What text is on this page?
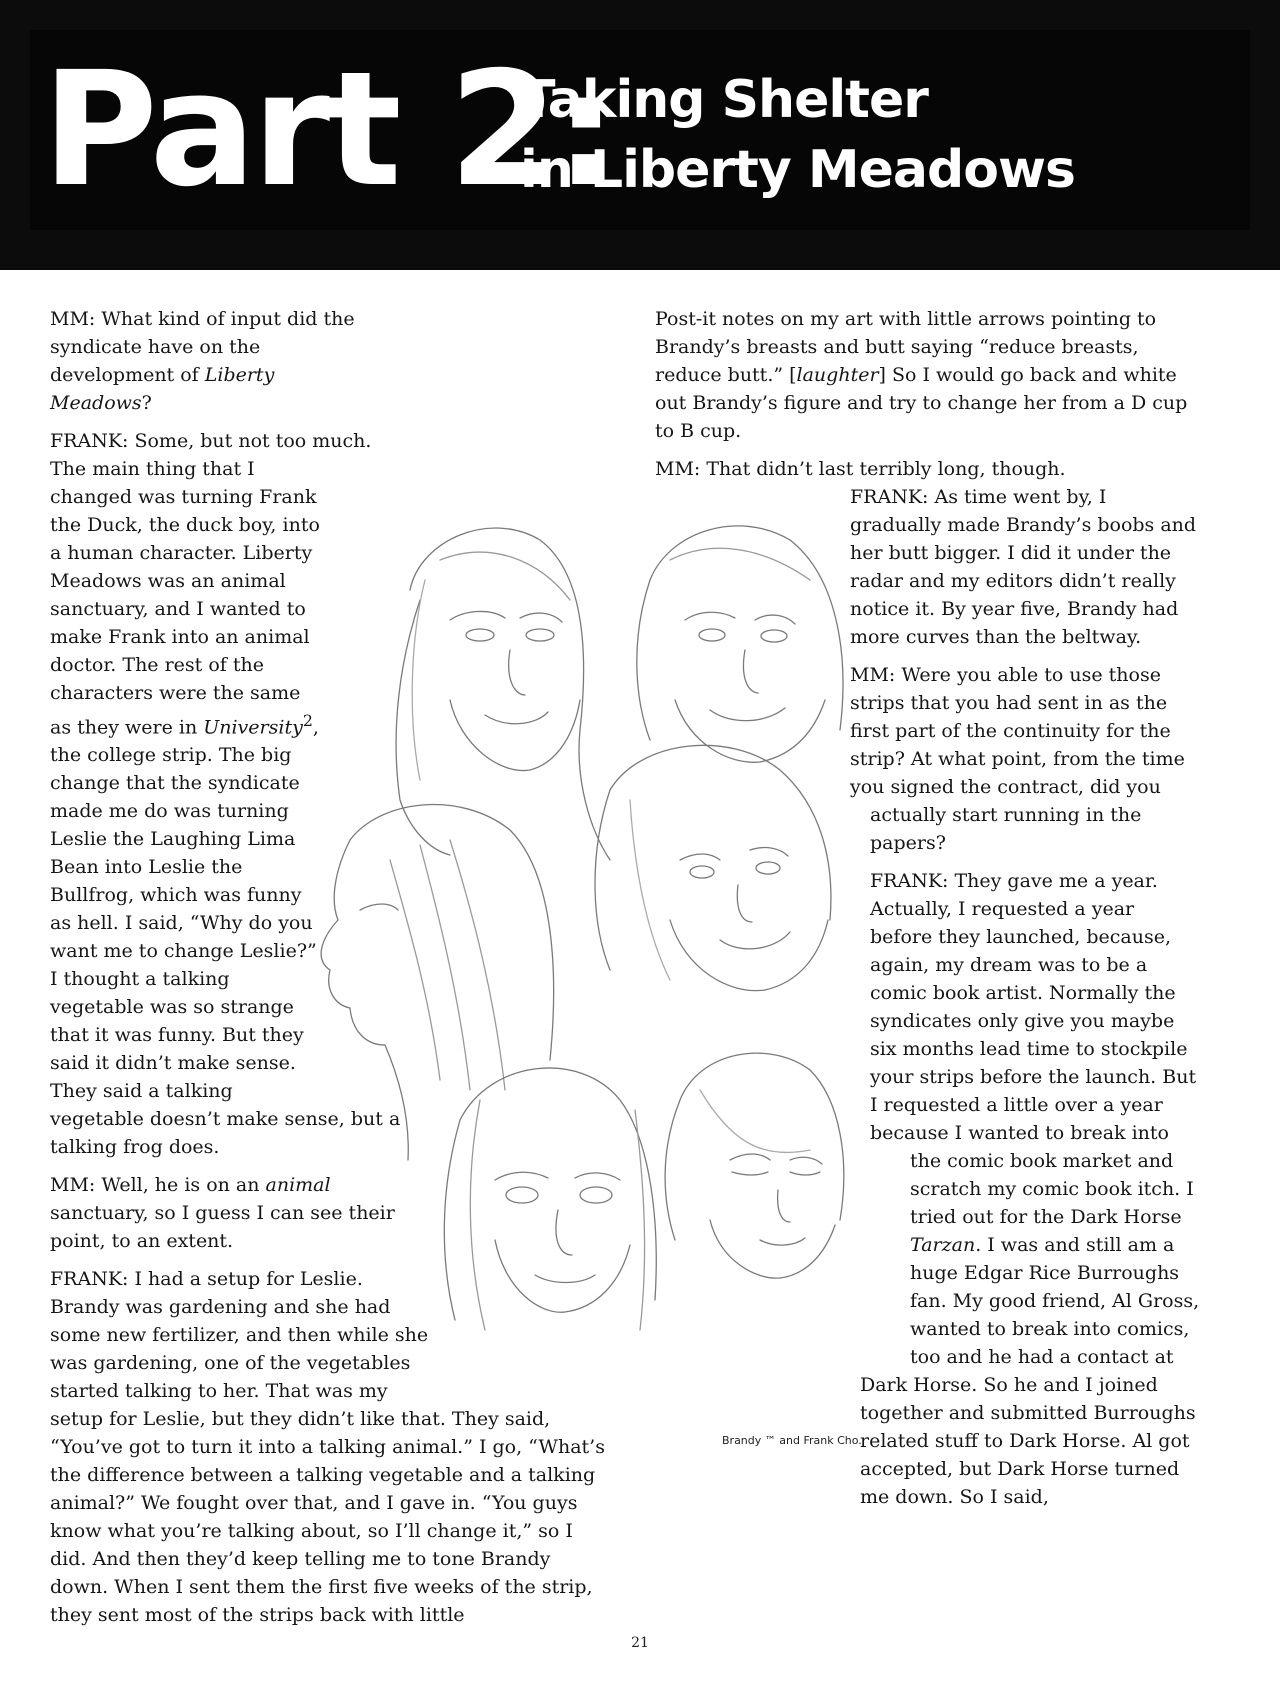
Part 2:
Taking Shelter
in Liberty Meadows

MM: What kind of input did the syndicate have on the development of Liberty Meadows?

FRANK: Some, but not too much. The main thing that I changed was turning Frank the Duck, the duck boy, into a human character. Liberty Meadows was an animal sanctuary, and I wanted to make Frank into an animal doctor. The rest of the characters were the same as they were in University$^2$, the college strip. The big change that the syndicate made me do was turning Leslie the Laughing Lima Bean into Leslie the Bullfrog, which was funny as hell. I said, “Why do you want me to change Leslie?” I thought a talking vegetable was so strange that it was funny. But they said it didn’t make sense. They said a talking vegetable doesn’t make sense, but a talking frog does.

MM: Well, he is on an animal sanctuary, so I guess I can see their point, to an extent.

FRANK: I had a setup for Leslie. Brandy was gardening and she had some new fertilizer, and then while she was gardening, one of the vegetables started talking to her. That was my setup for Leslie, but they didn’t like that. They said, “You’ve got to turn it into a talking animal.” I go, “What’s the difference between a talking vegetable and a talking animal?” We fought over that, and I gave in. “You guys know what you’re talking about, so I’ll change it,” so I did. And then they’d keep telling me to tone Brandy down. When I sent them the first five weeks of the strip, they sent most of the strips back with little

Post-it notes on my art with little arrows pointing to Brandy’s breasts and butt saying “reduce breasts, reduce butt.” [laughter] So I would go back and white out Brandy’s figure and try to change her from a D cup to B cup.

MM: That didn’t last terribly long, though.

FRANK: As time went by, I gradually made Brandy’s boobs and her butt bigger. I did it under the radar and my editors didn’t really notice it. By year five, Brandy had more curves than the beltway.

MM: Were you able to use those strips that you had sent in as the first part of the continuity for the strip? At what point, from the time you signed the contract, did you actually start running in the papers?

FRANK: They gave me a year. Actually, I requested a year before they launched, because, again, my dream was to be a comic book artist. Normally the syndicates only give you maybe six months lead time to stockpile your strips before the launch. But I requested a little over a year because I wanted to break into the comic book market and scratch my comic book itch. I tried out for the Dark Horse Tarzan. I was and still am a huge Edgar Rice Burroughs fan. My good friend, Al Gross, wanted to break into comics, too and he had a contact at Dark Horse. So he and I joined together and submitted Burroughs related stuff to Dark Horse. Al got accepted, but Dark Horse turned me down. So I said,

Brandy ™ and Frank Cho.
21
